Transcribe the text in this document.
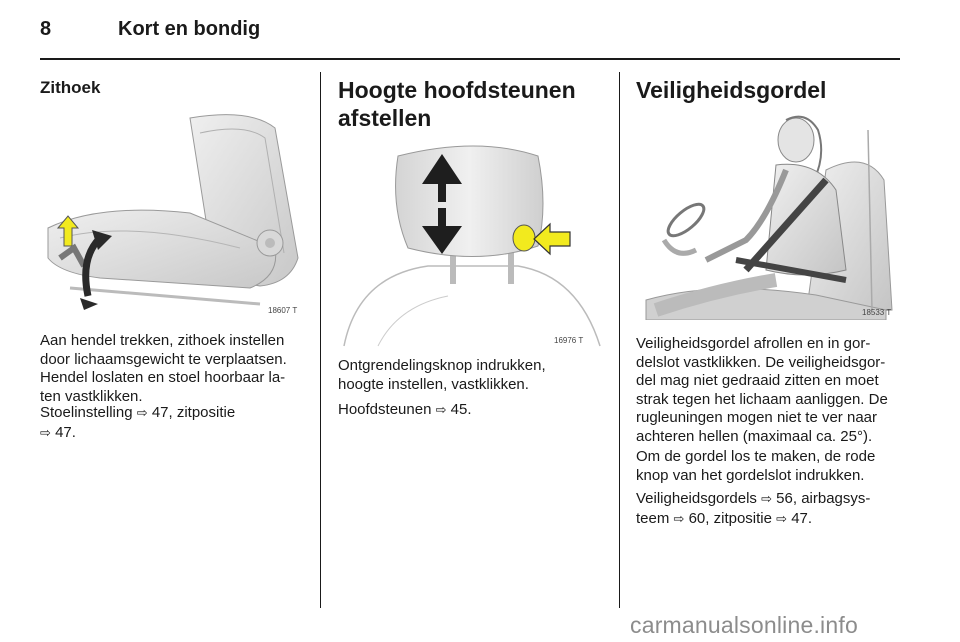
8	Kort en bondig
Zithoek
18607 T
Aan hendel trekken, zithoek instellen
door lichaamsgewicht te verplaatsen.
Hendel loslaten en stoel hoorbaar la-
ten vastklikken.
Stoelinstelling ⇨ 47, zitpositie
⇨ 47.
Hoogte hoofdsteunen
afstellen
16976 T
Ontgrendelingsknop indrukken,
hoogte instellen, vastklikken.
Hoofdsteunen ⇨ 45.
Veiligheidsgordel
18533 T
Veiligheidsgordel afrollen en in gor-
delslot vastklikken. De veiligheidsgor-
del mag niet gedraaid zitten en moet
strak tegen het lichaam aanliggen. De
rugleuningen mogen niet te ver naar
achteren hellen (maximaal ca. 25°).
Om de gordel los te maken, de rode
knop van het gordelslot indrukken.
Veiligheidsgordels ⇨ 56, airbagsys-
teem ⇨ 60, zitpositie ⇨ 47.
carmanualsonline.info
